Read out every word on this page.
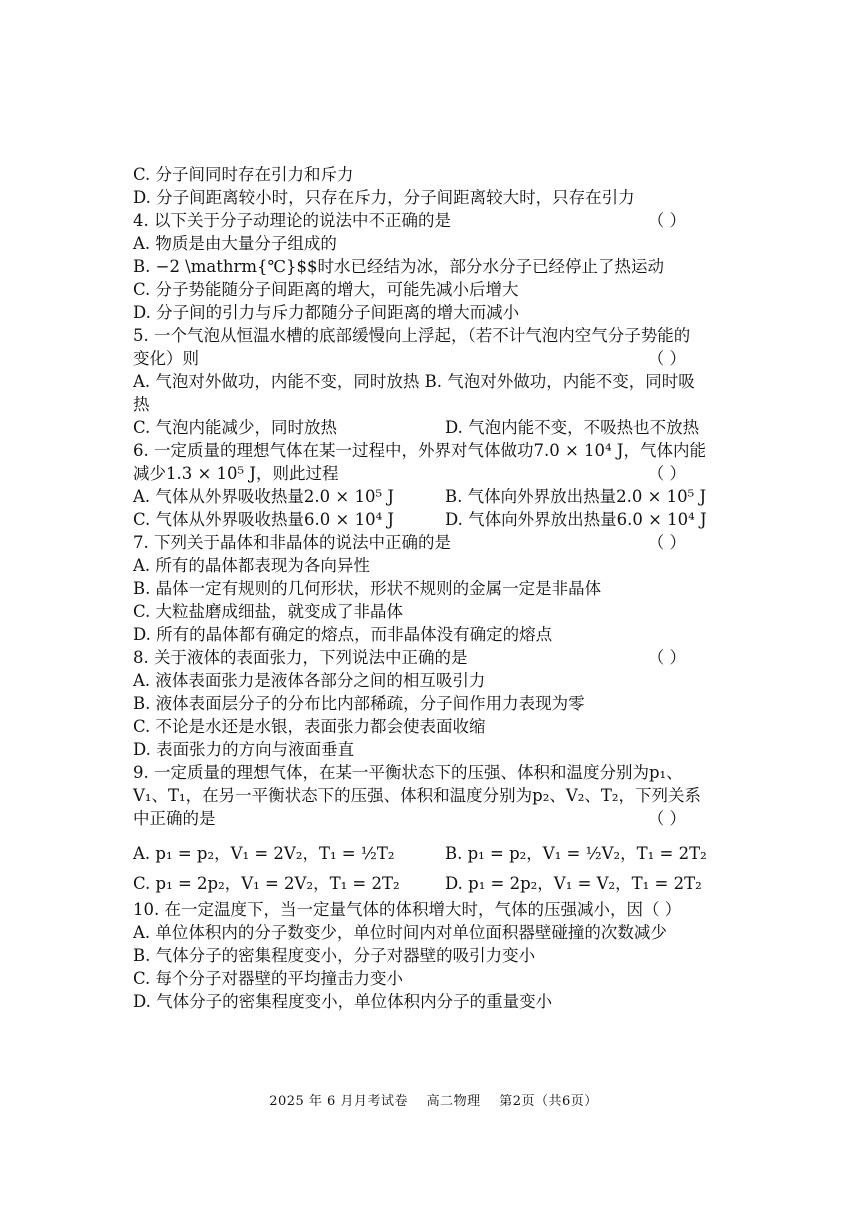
C. 分子间同时存在引力和斥力
D. 分子间距离较小时，只存在斥力，分子间距离较大时，只存在引力
4. 以下关于分子动理论的说法中不正确的是	（ ）
A. 物质是由大量分子组成的
B. −2 \mathrm{℃}$$时水已经结为冰，部分水分子已经停止了热运动
C. 分子势能随分子间距离的增大，可能先减小后增大
D. 分子间的引力与斥力都随分子间距离的增大而减小
5. 一个气泡从恒温水槽的底部缓慢向上浮起，（若不计气泡内空气分子势能的
变化）则	（ ）
A. 气泡对外做功，内能不变，同时放热 B. 气泡对外做功，内能不变，同时吸
热
C. 气泡内能减少，同时放热	D. 气泡内能不变，不吸热也不放热
6. 一定质量的理想气体在某一过程中，外界对气体做功7.0 × 10⁴ J，气体内能
减少1.3 × 10⁵ J，则此过程	（ ）
A. 气体从外界吸收热量2.0 × 10⁵ J	B. 气体向外界放出热量2.0 × 10⁵ J
C. 气体从外界吸收热量6.0 × 10⁴ J	D. 气体向外界放出热量6.0 × 10⁴ J
7. 下列关于晶体和非晶体的说法中正确的是	（ ）
A. 所有的晶体都表现为各向异性
B. 晶体一定有规则的几何形状，形状不规则的金属一定是非晶体
C. 大粒盐磨成细盐，就变成了非晶体
D. 所有的晶体都有确定的熔点，而非晶体没有确定的熔点
8. 关于液体的表面张力，下列说法中正确的是	（ ）
A. 液体表面张力是液体各部分之间的相互吸引力
B. 液体表面层分子的分布比内部稀疏，分子间作用力表现为零
C. 不论是水还是水银，表面张力都会使表面收缩
D. 表面张力的方向与液面垂直
9. 一定质量的理想气体，在某一平衡状态下的压强、体积和温度分别为p₁、
V₁、T₁，在另一平衡状态下的压强、体积和温度分别为p₂、V₂、T₂，下列关系
中正确的是	（ ）
A. p₁ = p₂，V₁ = 2V₂，T₁ = ½T₂	B. p₁ = p₂，V₁ = ½V₂，T₁ = 2T₂
C. p₁ = 2p₂，V₁ = 2V₂，T₁ = 2T₂	D. p₁ = 2p₂，V₁ = V₂，T₁ = 2T₂
10. 在一定温度下，当一定量气体的体积增大时，气体的压强减小，因（ ）
A. 单位体积内的分子数变少，单位时间内对单位面积器壁碰撞的次数减少
B. 气体分子的密集程度变小，分子对器壁的吸引力变小
C. 每个分子对器壁的平均撞击力变小
D. 气体分子的密集程度变小，单位体积内分子的重量变小
2025 年 6 月月考试卷 高二物理 第2页（共6页）
